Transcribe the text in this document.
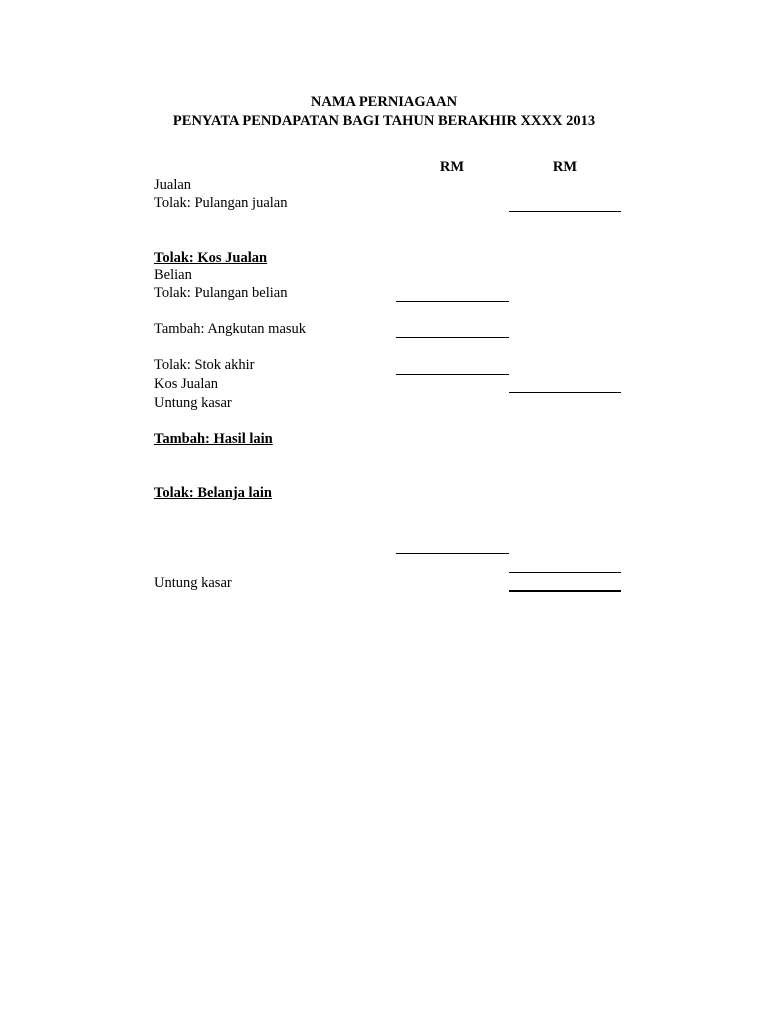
NAMA PERNIAGAAN
PENYATA PENDAPATAN BAGI TAHUN BERAKHIR XXXX 2013
RM	RM
Jualan
Tolak: Pulangan jualan
Tolak: Kos Jualan
Belian
Tolak: Pulangan belian
Tambah: Angkutan masuk
Tolak: Stok akhir
Kos Jualan
Untung kasar
Tambah: Hasil lain
Tolak: Belanja lain
Untung kasar
